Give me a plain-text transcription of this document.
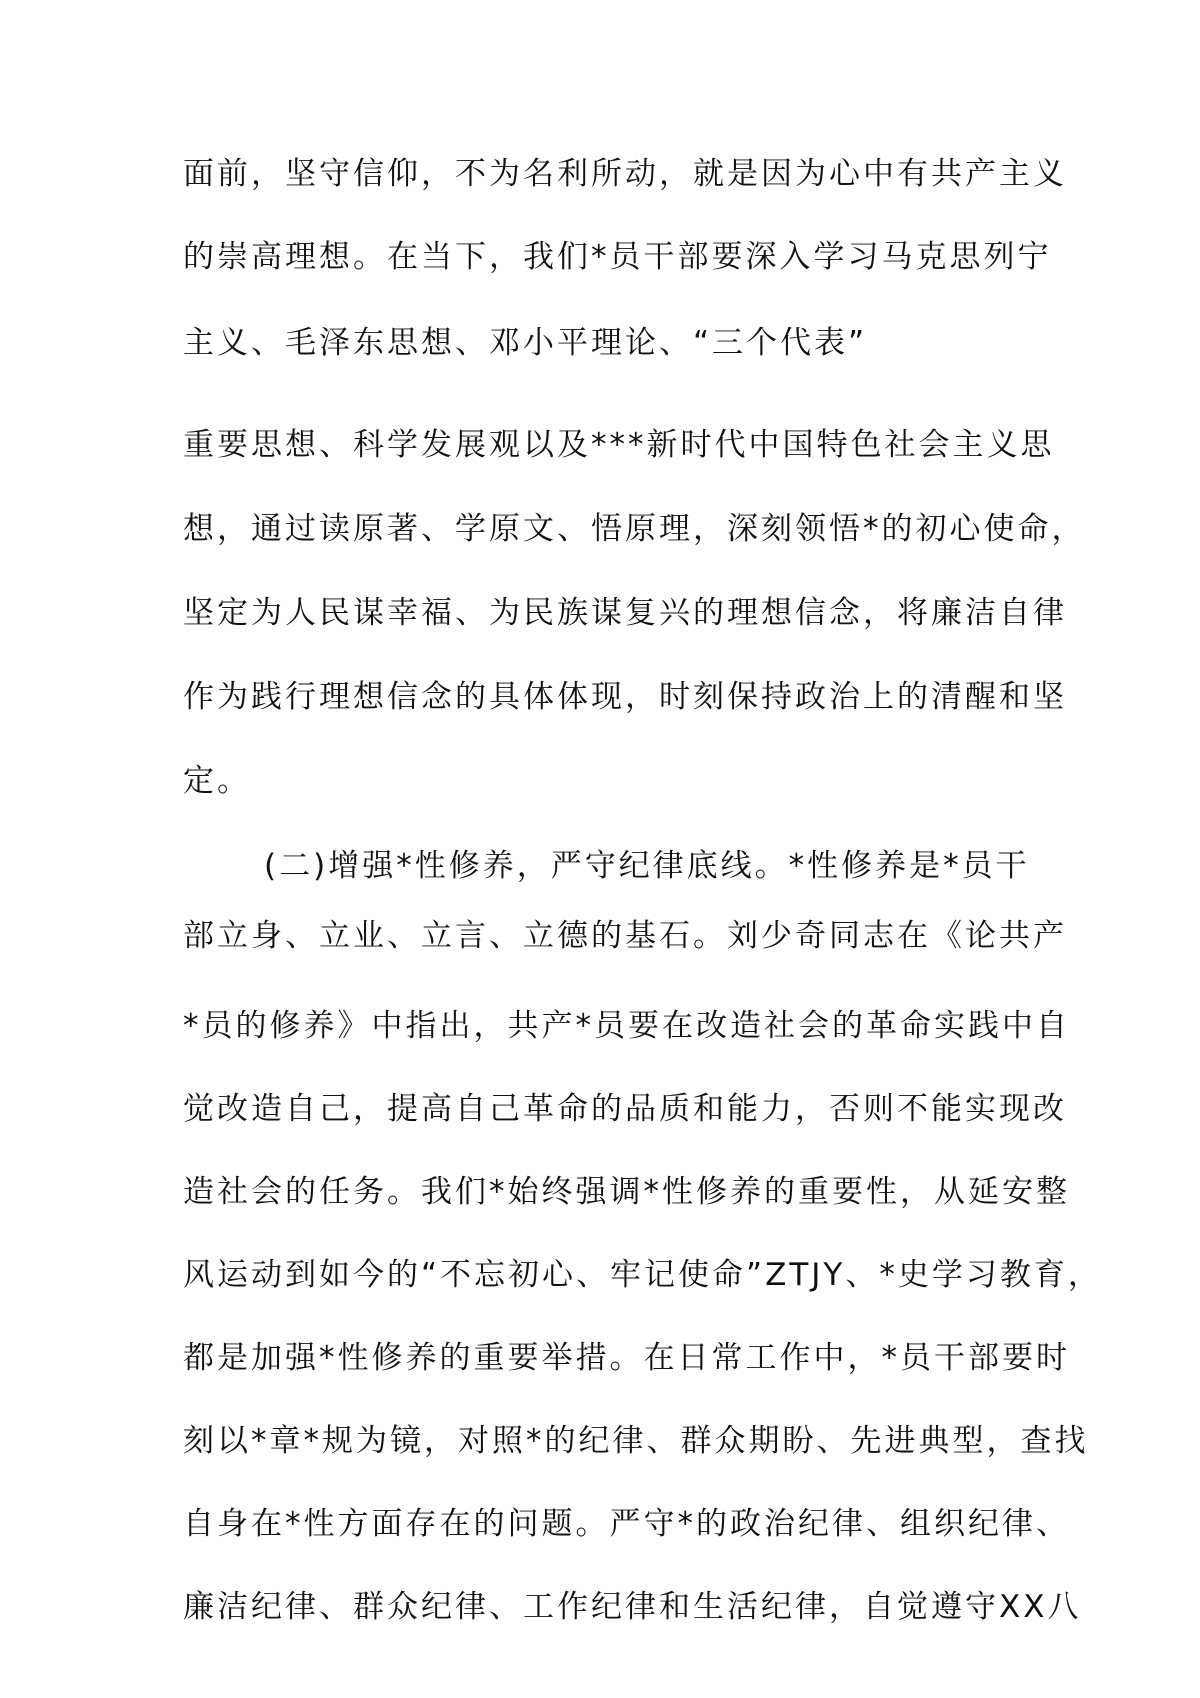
面前，坚守信仰，不为名利所动，就是因为心中有共产主义
的崇高理想。在当下，我们*员干部要深入学习马克思列宁
主义、毛泽东思想、邓小平理论、“三个代表”
重要思想、科学发展观以及***新时代中国特色社会主义思
想，通过读原著、学原文、悟原理，深刻领悟*的初心使命，
坚定为人民谋幸福、为民族谋复兴的理想信念，将廉洁自律
作为践行理想信念的具体体现，时刻保持政治上的清醒和坚
定。
(二)增强*性修养，严守纪律底线。*性修养是*员干
部立身、立业、立言、立德的基石。刘少奇同志在《论共产
*员的修养》中指出，共产*员要在改造社会的革命实践中自
觉改造自己，提高自己革命的品质和能力，否则不能实现改
造社会的任务。我们*始终强调*性修养的重要性，从延安整
风运动到如今的“不忘初心、牢记使命”ZTJY、*史学习教育，
都是加强*性修养的重要举措。在日常工作中，*员干部要时
刻以*章*规为镜，对照*的纪律、群众期盼、先进典型，查找
自身在*性方面存在的问题。严守*的政治纪律、组织纪律、
廉洁纪律、群众纪律、工作纪律和生活纪律，自觉遵守XX八
